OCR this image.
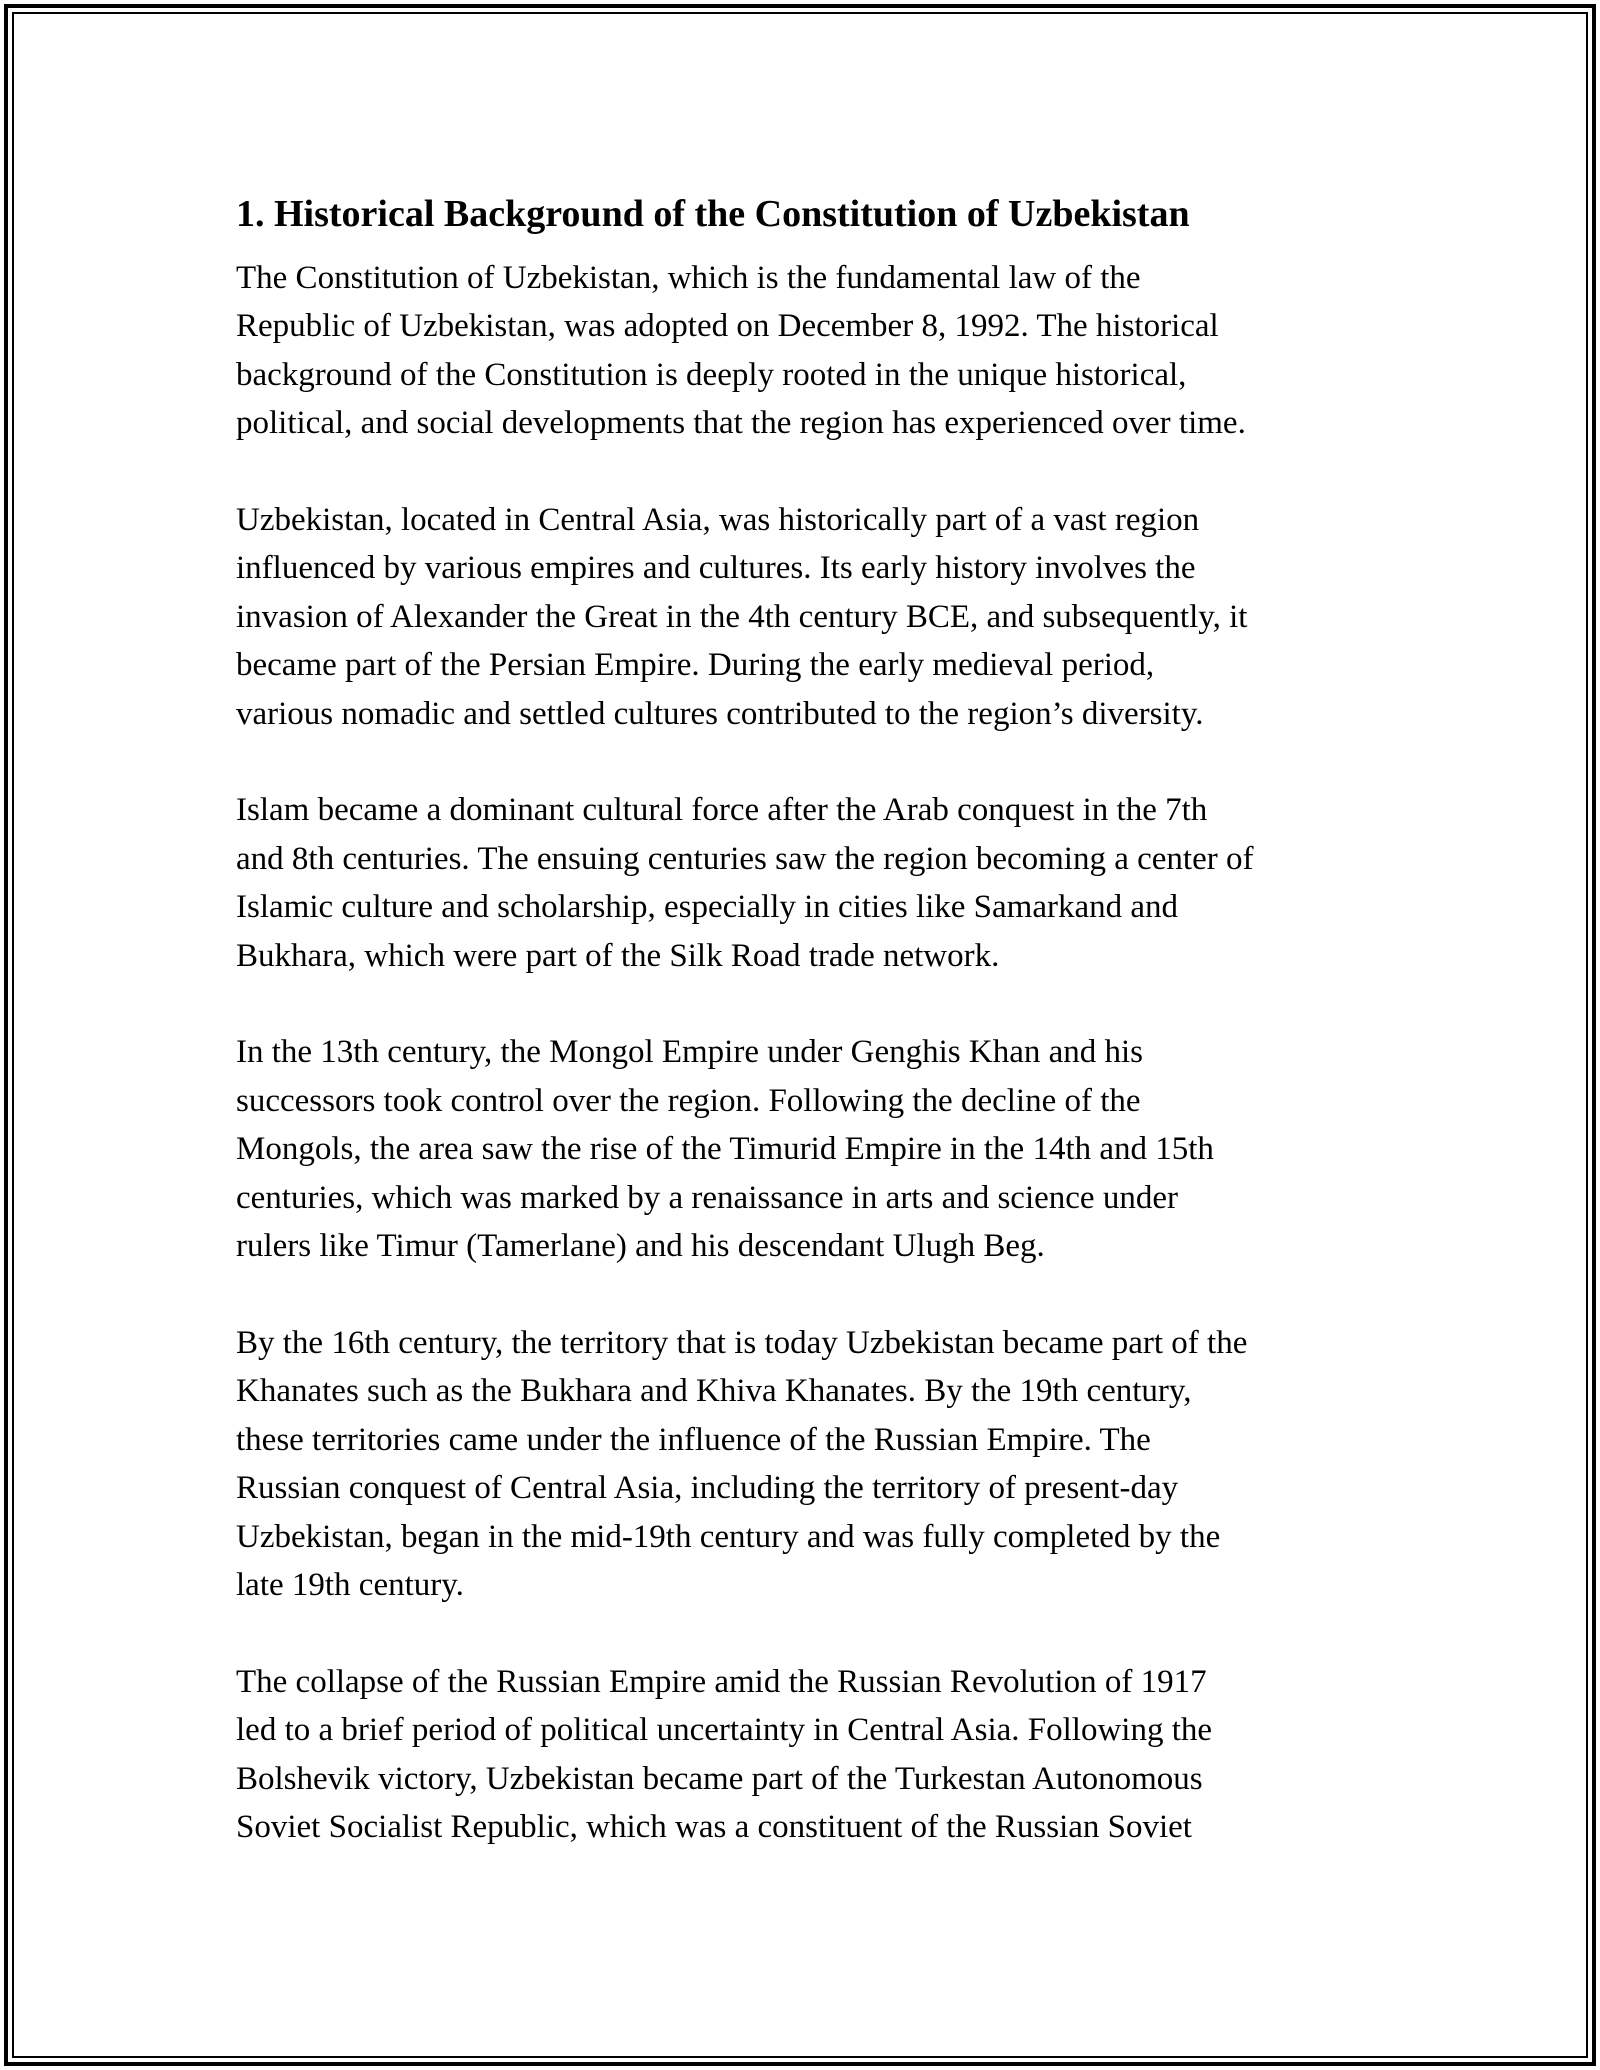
1. Historical Background of the Constitution of Uzbekistan

The Constitution of Uzbekistan, which is the fundamental law of the
Republic of Uzbekistan, was adopted on December 8, 1992. The historical
background of the Constitution is deeply rooted in the unique historical,
political, and social developments that the region has experienced over time.

Uzbekistan, located in Central Asia, was historically part of a vast region
influenced by various empires and cultures. Its early history involves the
invasion of Alexander the Great in the 4th century BCE, and subsequently, it
became part of the Persian Empire. During the early medieval period,
various nomadic and settled cultures contributed to the region’s diversity.

Islam became a dominant cultural force after the Arab conquest in the 7th
and 8th centuries. The ensuing centuries saw the region becoming a center of
Islamic culture and scholarship, especially in cities like Samarkand and
Bukhara, which were part of the Silk Road trade network.

In the 13th century, the Mongol Empire under Genghis Khan and his
successors took control over the region. Following the decline of the
Mongols, the area saw the rise of the Timurid Empire in the 14th and 15th
centuries, which was marked by a renaissance in arts and science under
rulers like Timur (Tamerlane) and his descendant Ulugh Beg.

By the 16th century, the territory that is today Uzbekistan became part of the
Khanates such as the Bukhara and Khiva Khanates. By the 19th century,
these territories came under the influence of the Russian Empire. The
Russian conquest of Central Asia, including the territory of present-day
Uzbekistan, began in the mid-19th century and was fully completed by the
late 19th century.

The collapse of the Russian Empire amid the Russian Revolution of 1917
led to a brief period of political uncertainty in Central Asia. Following the
Bolshevik victory, Uzbekistan became part of the Turkestan Autonomous
Soviet Socialist Republic, which was a constituent of the Russian Soviet
